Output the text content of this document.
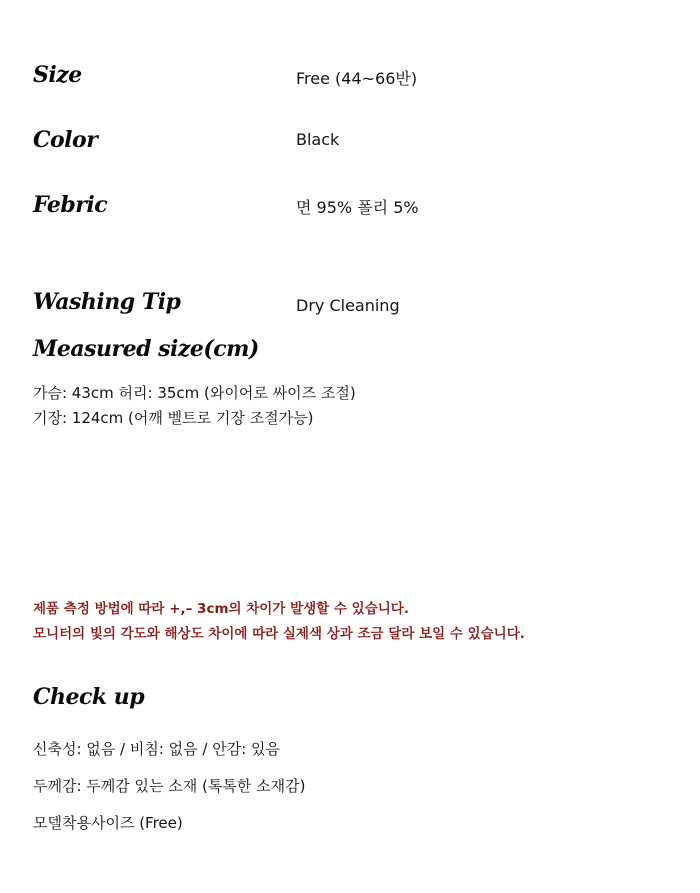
Size	Free (44~66반)
Color	Black
Febric	면 95% 폴리 5%
Washing Tip	Dry Cleaning
Measured size(cm)
가슴: 43cm 허리: 35cm (와이어로 싸이즈 조절)
기장: 124cm (어깨 벨트로 기장 조절가능)
제품 측정 방법에 따라 +,– 3cm의 차이가 발생할 수 있습니다.
모니터의 빛의 각도와 해상도 차이에 따라 실제색 상과 조금 달라 보일 수 있습니다.
Check up
신축성: 없음 / 비침: 없음 / 안감: 있음
두께감: 두께감 있는 소재 (톡톡한 소재감)
모델착용사이즈 (Free)
